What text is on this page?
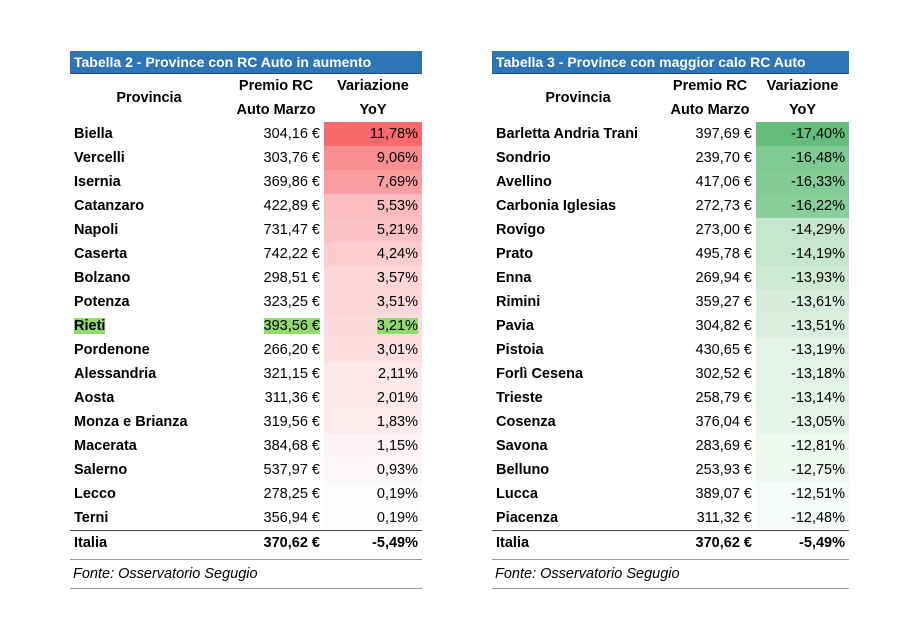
Tabella 2 - Province con RC Auto in aumento
Provincia	Premio RC	Variazione
	Auto Marzo	YoY
Biella	304,16 €	11,78%
Vercelli	303,76 €	9,06%
Isernia	369,86 €	7,69%
Catanzaro	422,89 €	5,53%
Napoli	731,47 €	5,21%
Caserta	742,22 €	4,24%
Bolzano	298,51 €	3,57%
Potenza	323,25 €	3,51%
Rieti	393,56 €	3,21%
Pordenone	266,20 €	3,01%
Alessandria	321,15 €	2,11%
Aosta	311,36 €	2,01%
Monza e Brianza	319,56 €	1,83%
Macerata	384,68 €	1,15%
Salerno	537,97 €	0,93%
Lecco	278,25 €	0,19%
Terni	356,94 €	0,19%
Italia	370,62 €	-5,49%
Fonte: Osservatorio Segugio
Tabella 3 - Province con maggior calo RC Auto
Provincia	Premio RC	Variazione
	Auto Marzo	YoY
Barletta Andria Trani	397,69 €	-17,40%
Sondrio	239,70 €	-16,48%
Avellino	417,06 €	-16,33%
Carbonia Iglesias	272,73 €	-16,22%
Rovigo	273,00 €	-14,29%
Prato	495,78 €	-14,19%
Enna	269,94 €	-13,93%
Rimini	359,27 €	-13,61%
Pavia	304,82 €	-13,51%
Pistoia	430,65 €	-13,19%
Forlì Cesena	302,52 €	-13,18%
Trieste	258,79 €	-13,14%
Cosenza	376,04 €	-13,05%
Savona	283,69 €	-12,81%
Belluno	253,93 €	-12,75%
Lucca	389,07 €	-12,51%
Piacenza	311,32 €	-12,48%
Italia	370,62 €	-5,49%
Fonte: Osservatorio Segugio
